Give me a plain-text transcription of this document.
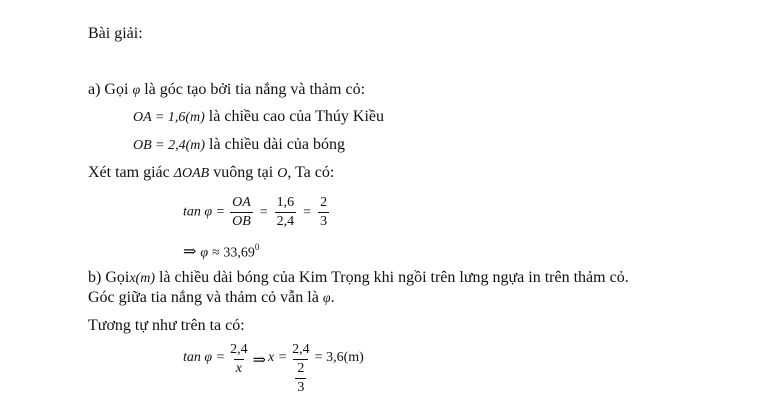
Bài giải:
a) Gọi φ là góc tạo bởi tia nắng và thảm cỏ:
OA = 1,6(m) là chiều cao của Thúy Kiều
OB = 2,4(m) là chiều dài của bóng
Xét tam giác ΔOAB vuông tại O, Ta có:
$\tan \varphi = \frac{OA}{OB} = \frac{1,6}{2,4} = \frac{2}{3}$
⇒ $\varphi \approx 33,69^0$
b) Gọix(m) là chiều dài bóng của Kim Trọng khi ngồi trên lưng ngựa in trên thảm cỏ.
Góc giữa tia nắng và thảm cỏ vẫn là φ.
Tương tự như trên ta có:
$\tan \varphi = \frac{2,4}{x}$ ⇒ $x = \frac{2,4}{\frac{2}{3}} = 3,6(m)$
